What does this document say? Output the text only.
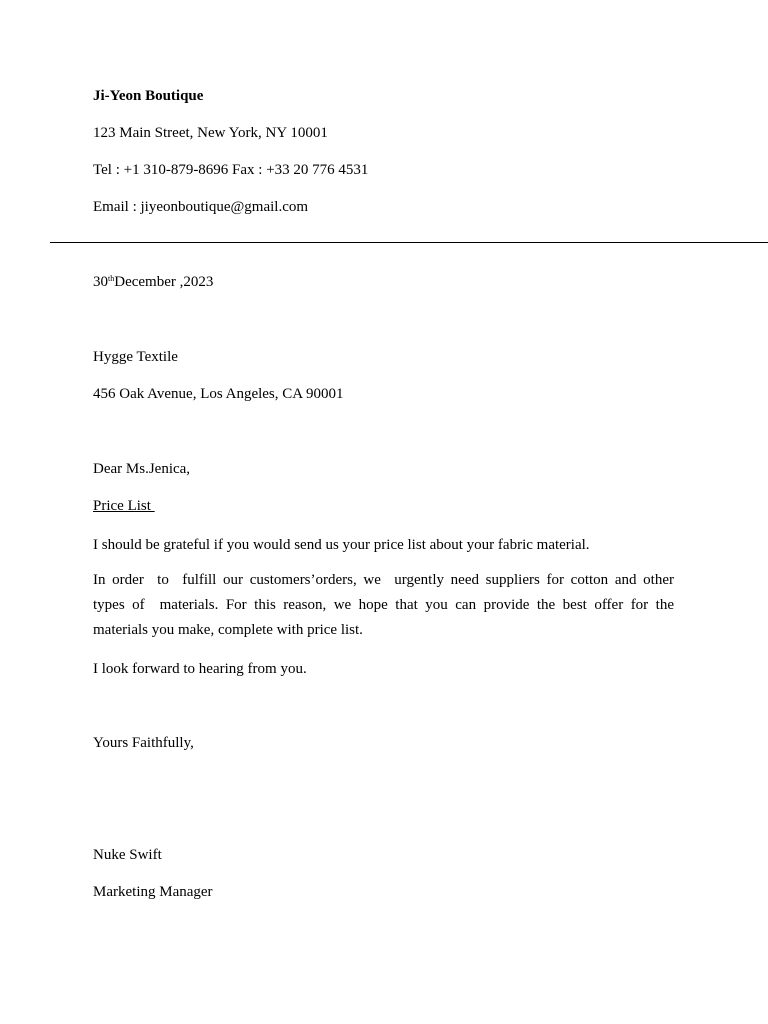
Ji-Yeon Boutique
123 Main Street, New York, NY 10001
Tel : +1 310-879-8696 Fax : +33 20 776 4531
Email : jiyeonboutique@gmail.com
30thDecember ,2023
Hygge Textile
456 Oak Avenue, Los Angeles, CA 90001
Dear Ms.Jenica,
Price List
I should be grateful if you would send us your price list about your fabric material.
In order  to  fulfill our customers’orders, we  urgently need suppliers for cotton and other
types of  materials. For this reason, we hope that you can provide the best offer for the
materials you make, complete with price list.
I look forward to hearing from you.
Yours Faithfully,
Nuke Swift
Marketing Manager
